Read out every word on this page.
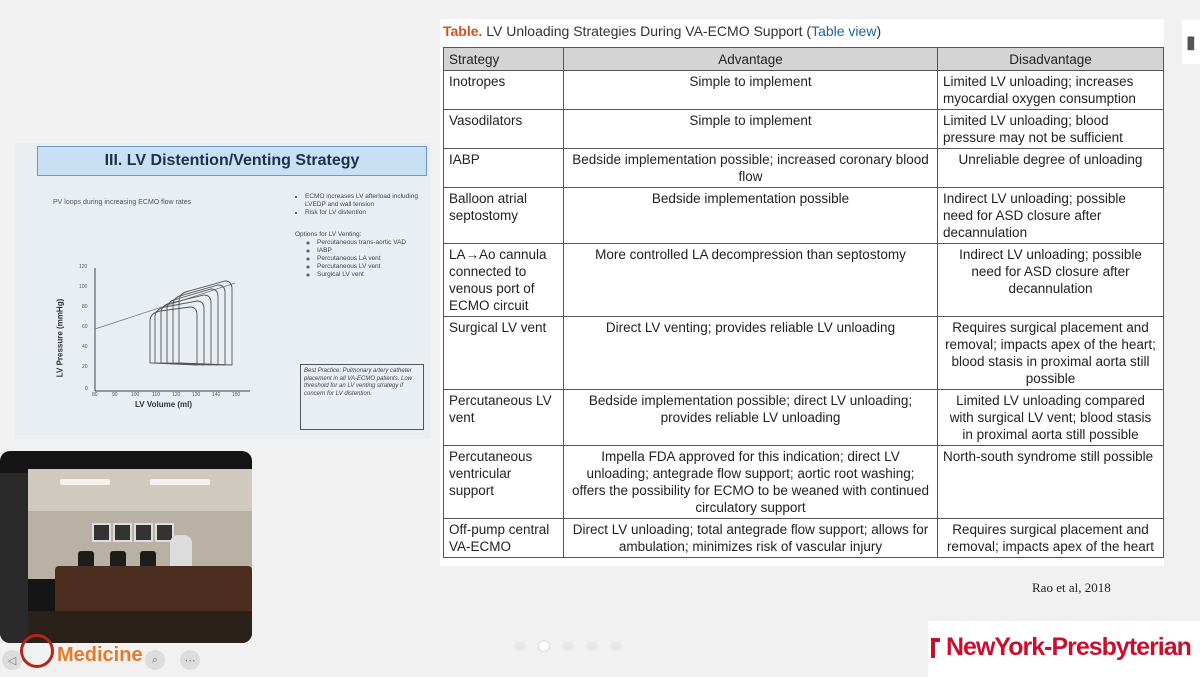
III. LV Distention/Venting Strategy
PV loops during increasing ECMO flow rates
120
100
80
60
40
20
0
80	90	100	110 120 130 140 150
LV Pressure (mmHg)
LV Volume (ml)
• ECMO increases LV afterload including LVEDP and wall tension
• Risk for LV distention
Options for LV Venting:
◦ Percutaneous trans-aortic VAD
◦ IABP
◦ Percutaneous LA vent
◦ Percutaneous LV vent
◦ Surgical LV vent
Best Practice: Pulmonary artery catheter placement in all VA-ECMO patients. Low threshold for an LV venting strategy if concern for LV distention.
Table. LV Unloading Strategies During VA-ECMO Support (Table view)
Strategy	Advantage	Disadvantage
Inotropes	Simple to implement	Limited LV unloading; increases myocardial oxygen consumption
Vasodilators	Simple to implement	Limited LV unloading; blood pressure may not be sufficient
IABP	Bedside implementation possible; increased coronary blood flow	Unreliable degree of unloading
Balloon atrial septostomy	Bedside implementation possible	Indirect LV unloading; possible need for ASD closure after decannulation
LA→Ao cannula connected to venous port of ECMO circuit	More controlled LA decompression than septostomy	Indirect LV unloading; possible need for ASD closure after decannulation
Surgical LV vent	Direct LV venting; provides reliable LV unloading	Requires surgical placement and removal; impacts apex of the heart; blood stasis in proximal aorta still possible
Percutaneous LV vent	Bedside implementation possible; direct LV unloading; provides reliable LV unloading	Limited LV unloading compared with surgical LV vent; blood stasis in proximal aorta still possible
Percutaneous ventricular support	Impella FDA approved for this indication; direct LV unloading; antegrade flow support; aortic root washing; offers the possibility for ECMO to be weaned with continued circulatory support	North-south syndrome still possible
Off-pump central VA-ECMO	Direct LV unloading; total antegrade flow support; allows for ambulation; minimizes risk of vascular injury	Requires surgical placement and removal; impacts apex of the heart
Rao et al, 2018
▮
Medicine
◁	⌕	⋯	NewYork-Presbyterian
